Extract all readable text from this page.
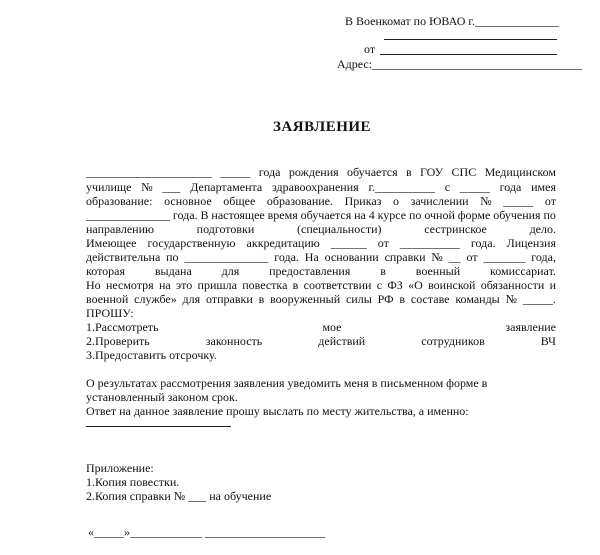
В Военкомат по ЮВАО г.______________
от
Адрес:___________________________________
ЗАЯВЛЕНИЕ
_____________________ _____ года рождения обучается в ГОУ СПС Медицинском
училище № ___ Департамента здравоохранения г.__________ с _____ года имея
образование: основное общее образование. Приказ о зачислении № _____ от
______________ года. В настоящее время обучается на 4 курсе по очной форме обучения по
направлению	подготовки	(специальности)	сестринское	дело.
Имеющее государственную аккредитацию ______ от __________ года. Лицензия
действительна по ______________ года. На основании справки № __ от _______ года,
которая выдана для предоставления в военный комиссариат.
Но несмотря на это пришла повестка в соответствии с ФЗ «О воинской обязанности и
военной службе» для отправки в вооруженный силы РФ в составе команды № _____.
ПРОШУ:
1.Рассмотреть	мое	заявление
2.Проверить	законность	действий	сотрудников	ВЧ
3.Предоставить отсрочку.
О результатах рассмотрения заявления уведомить меня в письменном форме в
установленный законом срок.
Ответ на данное заявление прошу выслать по месту жительства, а именно:
Приложение:
1.Копия повестки.
2.Копия справки № ___ на обучение
«_____»____________ ____________________
